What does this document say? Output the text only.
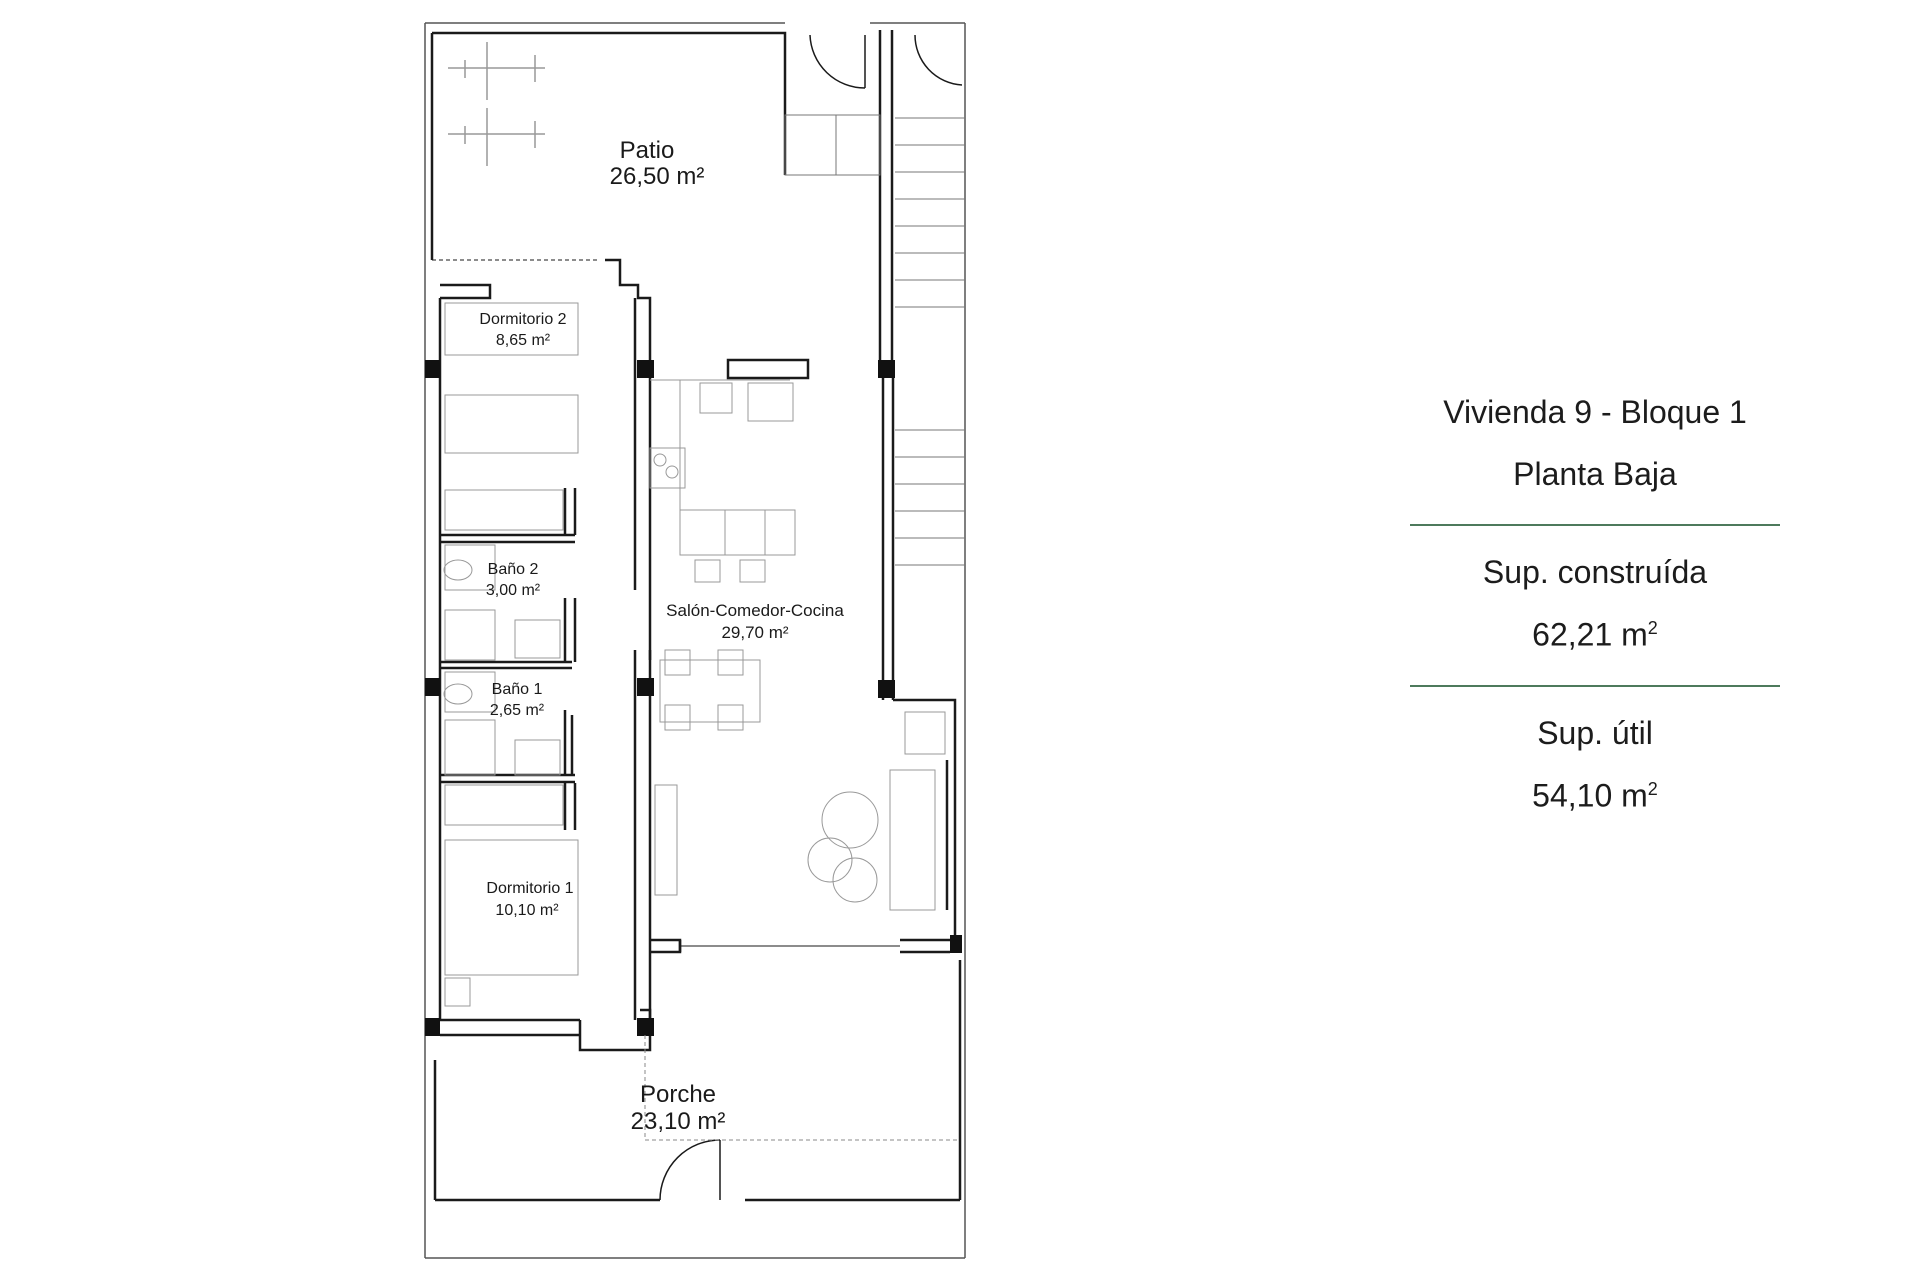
Patio
26,50 m²
Dormitorio 2
8,65 m²
Baño 2
3,00 m²
Baño 1
2,65 m²
Dormitorio 1
10,10 m²
Salón-Comedor-Cocina
29,70 m²
Porche
23,10 m²
Vivienda 9 - Bloque 1
Planta Baja
Sup. construída
62,21 $m^2$
Sup. útil
54,10 $m^2$
